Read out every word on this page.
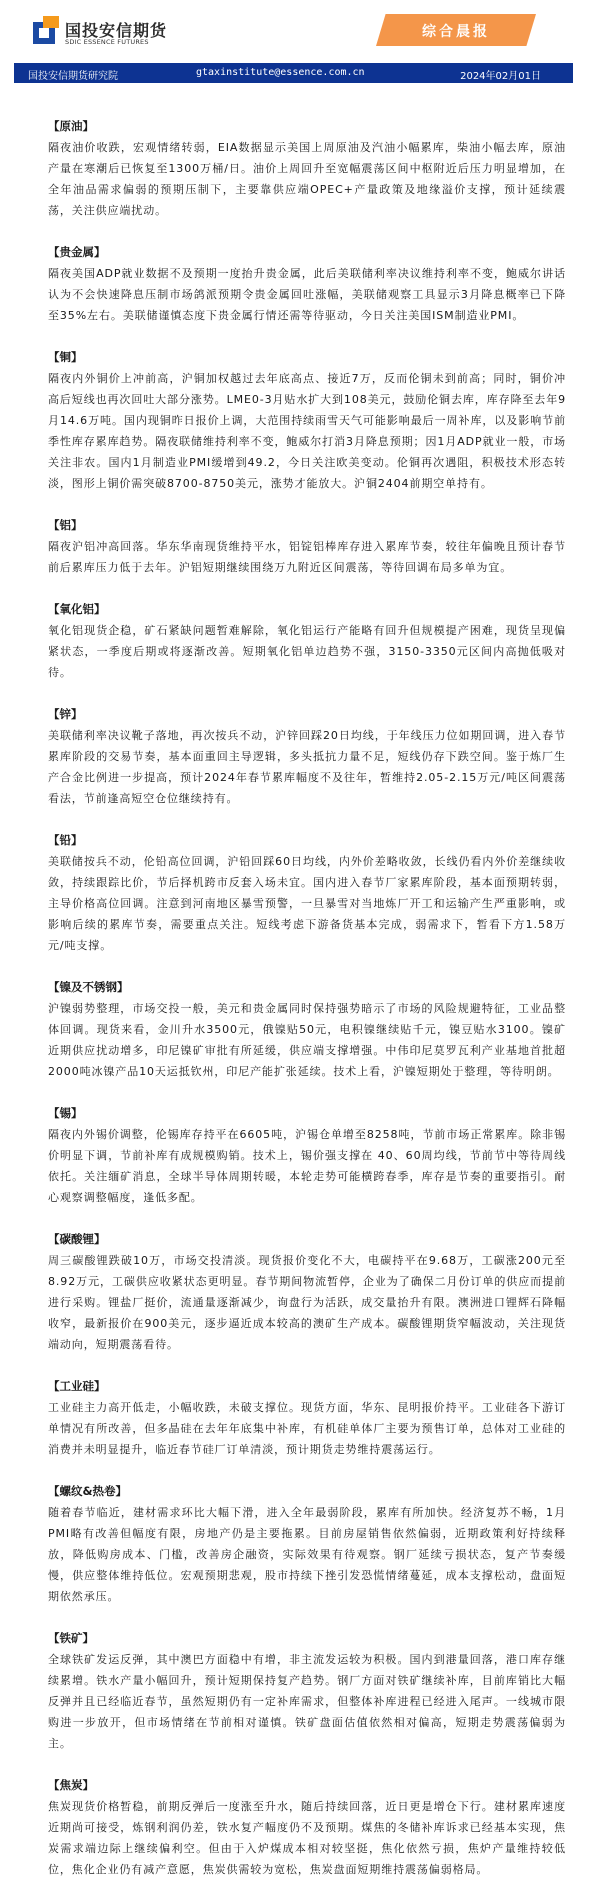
国投安信期货
SDIC ESSENCE FUTURES
综合晨报
国投安信期货研究院	gtaxinstitute@essence.com.cn	2024年02月01日
【原油】
隔夜油价收跌，宏观情绪转弱，EIA数据显示美国上周原油及汽油小幅累库，柴油小幅去库，原油产量在寒潮后已恢复至1300万桶/日。油价上周回升至宽幅震荡区间中枢附近后压力明显增加，在全年油品需求偏弱的预期压制下，主要靠供应端OPEC+产量政策及地缘溢价支撑，预计延续震荡，关注供应端扰动。
【贵金属】
隔夜美国ADP就业数据不及预期一度抬升贵金属，此后美联储利率决议维持利率不变，鲍威尔讲话认为不会快速降息压制市场鸽派预期令贵金属回吐涨幅，美联储观察工具显示3月降息概率已下降至35%左右。美联储谨慎态度下贵金属行情还需等待驱动，今日关注美国ISM制造业PMI。
【铜】
隔夜内外铜价上冲前高，沪铜加权越过去年底高点、接近7万，反而伦铜未到前高；同时，铜价冲高后短线也再次回吐大部分涨势。LME0-3月贴水扩大到108美元，鼓励伦铜去库，库存降至去年9月14.6万吨。国内现铜昨日报价上调，大范围持续雨雪天气可能影响最后一周补库，以及影响节前季性库存累库趋势。隔夜联储维持利率不变，鲍威尔打消3月降息预期；因1月ADP就业一般，市场关注非农。国内1月制造业PMI缓增到49.2，今日关注欧美变动。伦铜再次遇阻，积极技术形态转淡，图形上铜价需突破8700-8750美元，涨势才能放大。沪铜2404前期空单持有。
【铝】
隔夜沪铝冲高回落。华东华南现货维持平水，铝锭铝棒库存进入累库节奏，较往年偏晚且预计春节前后累库压力低于去年。沪铝短期继续围绕万九附近区间震荡，等待回调布局多单为宜。
【氧化铝】
氧化铝现货企稳，矿石紧缺问题暂难解除，氧化铝运行产能略有回升但规模提产困难，现货呈现偏紧状态，一季度后期或将逐渐改善。短期氧化铝单边趋势不强，3150-3350元区间内高抛低吸对待。
【锌】
美联储利率决议靴子落地，再次按兵不动，沪锌回踩20日均线，于年线压力位如期回调，进入春节累库阶段的交易节奏，基本面重回主导逻辑，多头抵抗力量不足，短线仍存下跌空间。鉴于炼厂生产合金比例进一步提高，预计2024年春节累库幅度不及往年，暂维持2.05-2.15万元/吨区间震荡看法，节前逢高短空仓位继续持有。
【铅】
美联储按兵不动，伦铅高位回调，沪铅回踩60日均线，内外价差略收敛，长线仍看内外价差继续收敛，持续跟踪比价，节后择机跨市反套入场未宜。国内进入春节厂家累库阶段，基本面预期转弱，主导价格高位回调。注意到河南地区暴雪预警，一旦暴雪对当地炼厂开工和运输产生严重影响，或影响后续的累库节奏，需要重点关注。短线考虑下游备货基本完成，弱需求下，暂看下方1.58万元/吨支撑。
【镍及不锈钢】
沪镍弱势整理，市场交投一般，美元和贵金属同时保持强势暗示了市场的风险规避特征，工业品整体回调。现货来看，金川升水3500元，俄镍贴50元，电积镍继续贴千元，镍豆贴水3100。镍矿近期供应扰动增多，印尼镍矿审批有所延缓，供应端支撑增强。中伟印尼莫罗瓦利产业基地首批超2000吨冰镍产品10天运抵钦州，印尼产能扩张延续。技术上看，沪镍短期处于整理，等待明朗。
【锡】
隔夜内外锡价调整，伦锡库存持平在6605吨，沪锡仓单增至8258吨，节前市场正常累库。除非锡价明显下调，节前补库有成规模购销。技术上，锡价强支撑在 40、60周均线，节前节中等待周线依托。关注缅矿消息，全球半导体周期转暖，本轮走势可能横跨春季，库存是节奏的重要指引。耐心观察调整幅度，逢低多配。
【碳酸锂】
周三碳酸锂跌破10万，市场交投清淡。现货报价变化不大，电碳持平在9.68万，工碳涨200元至8.92万元，工碳供应收紧状态更明显。春节期间物流暂停，企业为了确保二月份订单的供应而提前进行采购。锂盐厂挺价，流通量逐渐减少，询盘行为活跃，成交量抬升有限。澳洲进口锂辉石降幅收窄，最新报价在900美元，逐步逼近成本较高的澳矿生产成本。碳酸锂期货窄幅波动，关注现货端动向，短期震荡看待。
【工业硅】
工业硅主力高开低走，小幅收跌，未破支撑位。现货方面，华东、昆明报价持平。工业硅各下游订单情况有所改善，但多晶硅在去年年底集中补库，有机硅单体厂主要为预售订单，总体对工业硅的消费并未明显提升，临近春节硅厂订单清淡，预计期货走势维持震荡运行。
【螺纹&热卷】
随着春节临近，建材需求环比大幅下滑，进入全年最弱阶段，累库有所加快。经济复苏不畅，1月PMI略有改善但幅度有限，房地产仍是主要拖累。目前房屋销售依然偏弱，近期政策利好持续释放，降低购房成本、门槛，改善房企融资，实际效果有待观察。钢厂延续亏损状态，复产节奏缓慢，供应整体维持低位。宏观预期悲观，股市持续下挫引发恐慌情绪蔓延，成本支撑松动，盘面短期依然承压。
【铁矿】
全球铁矿发运反弹，其中澳巴方面稳中有增，非主流发运较为积极。国内到港量回落，港口库存继续累增。铁水产量小幅回升，预计短期保持复产趋势。钢厂方面对铁矿继续补库，目前库销比大幅反弹并且已经临近春节，虽然短期仍有一定补库需求，但整体补库进程已经进入尾声。一线城市限购进一步放开，但市场情绪在节前相对谨慎。铁矿盘面估值依然相对偏高，短期走势震荡偏弱为主。
【焦炭】
焦炭现货价格暂稳，前期反弹后一度涨至升水，随后持续回落，近日更是增仓下行。建材累库速度近期尚可接受，炼钢利润仍差，铁水复产幅度仍不及预期。煤焦的冬储补库诉求已经基本实现，焦炭需求端边际上继续偏利空。但由于入炉煤成本相对较坚挺，焦化依然亏损，焦炉产量维持较低位，焦化企业仍有减产意愿，焦炭供需较为宽松，焦炭盘面短期维持震荡偏弱格局。
